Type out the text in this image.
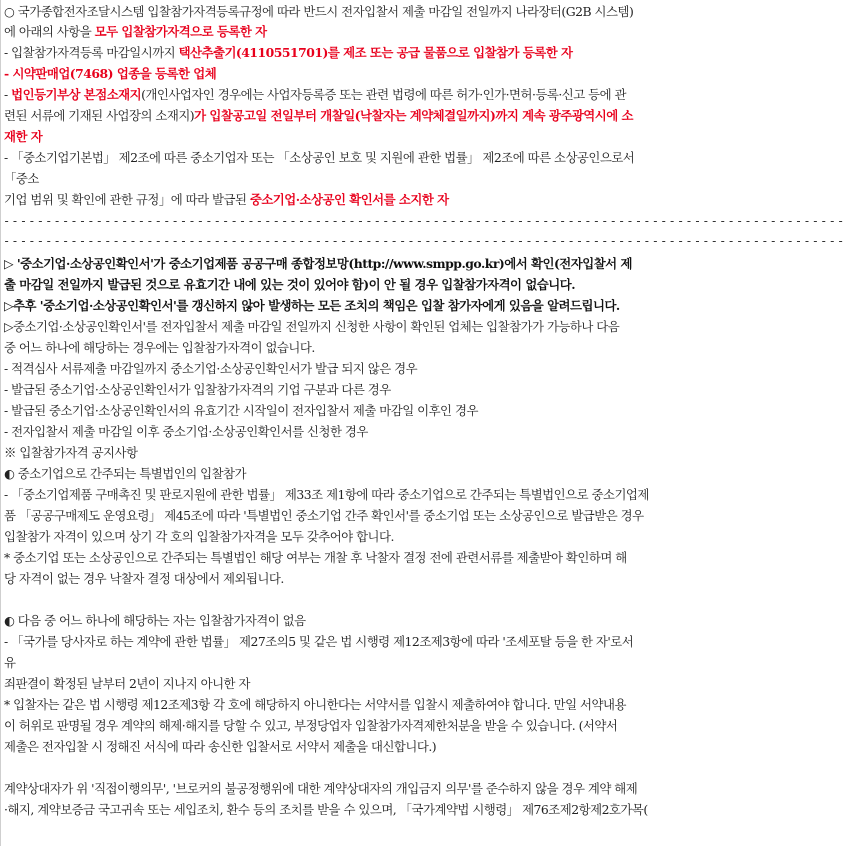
○ 국가종합전자조달시스템 입찰참가자격등록규정에 따라 반드시 전자입찰서 제출 마감일 전일까지 나라장터(G2B 시스템)
에 아래의 사항을 모두 입찰참가자격으로 등록한 자
- 입찰참가자격등록 마감일시까지 택산추출기(4110551701)를 제조 또는 공급 물품으로 입찰참가 등록한 자
- 시약판매업(7468) 업종을 등록한 업체
- 법인등기부상 본점소재지(개인사업자인 경우에는 사업자등록증 또는 관련 법령에 따른 허가·인가·면허·등록·신고 등에 관
련된 서류에 기재된 사업장의 소재지)가 입찰공고일 전일부터 개찰일(낙찰자는 계약체결일까지)까지 계속 광주광역시에 소
재한 자
- 「중소기업기본법」 제2조에 따른 중소기업자 또는 「소상공인 보호 및 지원에 관한 법률」 제2조에 따른 소상공인으로서
「중소
기업 범위 및 확인에 관한 규정」에 따라 발급된 중소기업·소상공인 확인서를 소지한 자
----------------------------------------------------------------------------------------------------
----------------------------------------------------------------------------------------------------
▷ '중소기업·소상공인확인서'가 중소기업제품 공공구매 종합정보망(http://www.smpp.go.kr)에서 확인(전자입찰서 제
출 마감일 전일까지 발급된 것으로 유효기간 내에 있는 것이 있어야 함)이 안 될 경우 입찰참가자격이 없습니다.
▷추후 '중소기업·소상공인확인서'를 갱신하지 않아 발생하는 모든 조치의 책임은 입찰 참가자에게 있음을 알려드립니다.
▷중소기업·소상공인확인서'를 전자입찰서 제출 마감일 전일까지 신청한 사항이 확인된 업체는 입찰참가가 가능하나 다음
중 어느 하나에 해당하는 경우에는 입찰참가자격이 없습니다.
- 적격심사 서류제출 마감일까지 중소기업·소상공인확인서가 발급 되지 않은 경우
- 발급된 중소기업·소상공인확인서가 입찰참가자격의 기업 구분과 다른 경우
- 발급된 중소기업·소상공인확인서의 유효기간 시작일이 전자입찰서 제출 마감일 이후인 경우
- 전자입찰서 제출 마감일 이후 중소기업·소상공인확인서를 신청한 경우
※ 입찰참가자격 공지사항
◐ 중소기업으로 간주되는 특별법인의 입찰참가
- 「중소기업제품 구매촉진 및 판로지원에 관한 법률」 제33조 제1항에 따라 중소기업으로 간주되는 특별법인으로 중소기업제
품 「공공구매제도 운영요령」 제45조에 따라 '특별법인 중소기업 간주 확인서'를 중소기업 또는 소상공인으로 발급받은 경우
입찰참가 자격이 있으며 상기 각 호의 입찰참가자격을 모두 갖추어야 합니다.
* 중소기업 또는 소상공인으로 간주되는 특별법인 해당 여부는 개찰 후 낙찰자 결정 전에 관련서류를 제출받아 확인하며 해
당 자격이 없는 경우 낙찰자 결정 대상에서 제외됩니다.
◐ 다음 중 어느 하나에 해당하는 자는 입찰참가자격이 없음
- 「국가를 당사자로 하는 계약에 관한 법률」 제27조의5 및 같은 법 시행령 제12조제3항에 따라 '조세포탈 등을 한 자'로서
유
죄판결이 확정된 날부터 2년이 지나지 아니한 자
* 입찰자는 같은 법 시행령 제12조제3항 각 호에 해당하지 아니한다는 서약서를 입찰시 제출하여야 합니다. 만일 서약내용
이 허위로 판명될 경우 계약의 해제·해지를 당할 수 있고, 부정당업자 입찰참가자격제한처분을 받을 수 있습니다. (서약서
제출은 전자입찰 시 정해진 서식에 따라 송신한 입찰서로 서약서 제출을 대신합니다.)
계약상대자가 위 '직접이행의무', '브로커의 불공정행위에 대한 계약상대자의 개입금지 의무'를 준수하지 않을 경우 계약 해제
·해지, 계약보증금 국고귀속 또는 세입조치, 환수 등의 조치를 받을 수 있으며, 「국가계약법 시행령」 제76조제2항제2호가목(
